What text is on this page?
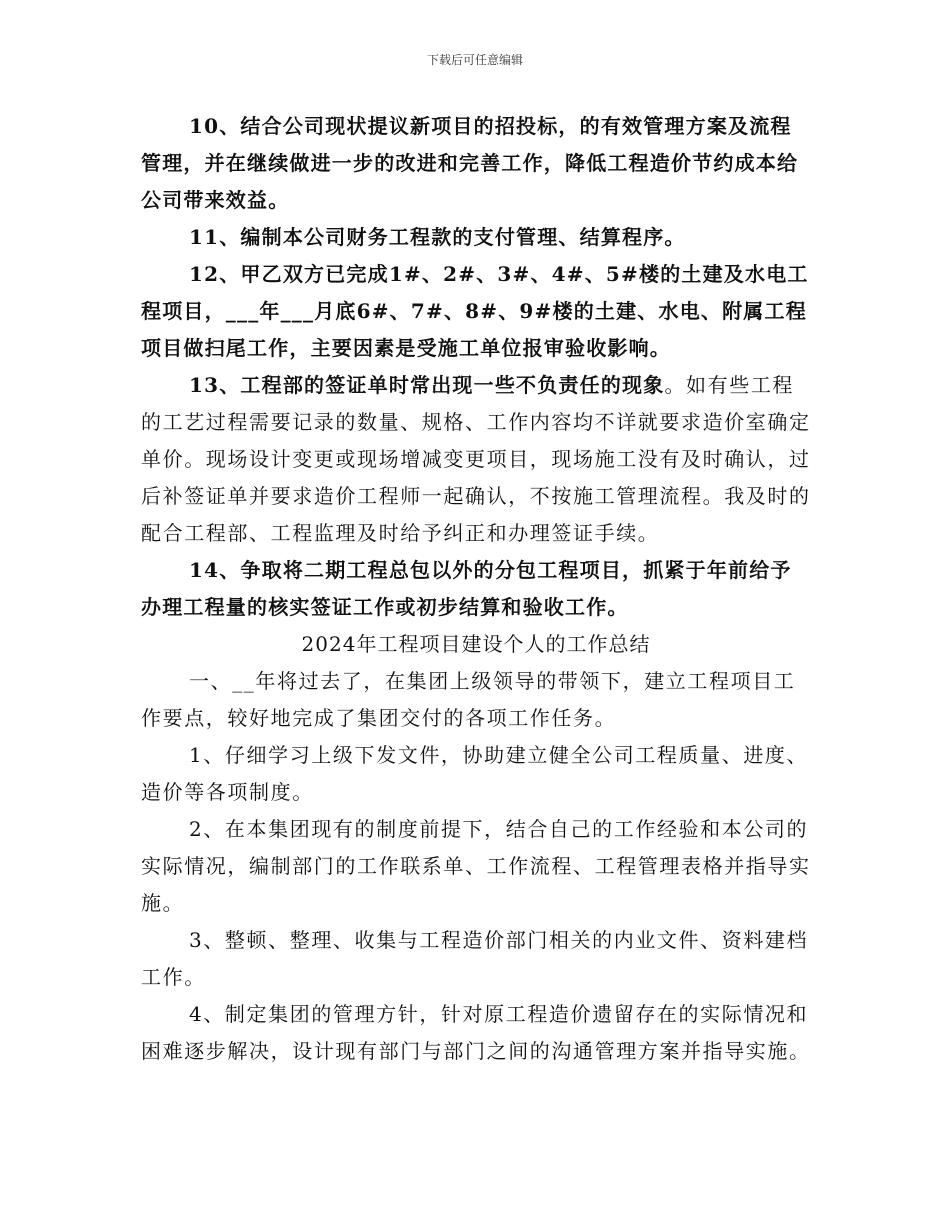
下载后可任意编辑

10、结合公司现状提议新项目的招投标，的有效管理方案及流程管理，并在继续做进一步的改进和完善工作，降低工程造价节约成本给公司带来效益。

11、编制本公司财务工程款的支付管理、结算程序。

12、甲乙双方已完成1#、2#、3#、4#、5#楼的土建及水电工程项目，___年___月底6#、7#、8#、9#楼的土建、水电、附属工程项目做扫尾工作，主要因素是受施工单位报审验收影响。

13、工程部的签证单时常出现一些不负责任的现象。如有些工程的工艺过程需要记录的数量、规格、工作内容均不详就要求造价室确定单价。现场设计变更或现场增减变更项目，现场施工没有及时确认，过后补签证单并要求造价工程师一起确认，不按施工管理流程。我及时的配合工程部、工程监理及时给予纠正和办理签证手续。

14、争取将二期工程总包以外的分包工程项目，抓紧于年前给予办理工程量的核实签证工作或初步结算和验收工作。

2024年工程项目建设个人的工作总结

一、__年将过去了，在集团上级领导的带领下，建立工程项目工作要点，较好地完成了集团交付的各项工作任务。

1、仔细学习上级下发文件，协助建立健全公司工程质量、进度、造价等各项制度。

2、在本集团现有的制度前提下，结合自己的工作经验和本公司的实际情况，编制部门的工作联系单、工作流程、工程管理表格并指导实施。

3、整顿、整理、收集与工程造价部门相关的内业文件、资料建档工作。

4、制定集团的管理方针，针对原工程造价遗留存在的实际情况和困难逐步解决，设计现有部门与部门之间的沟通管理方案并指导实施。
